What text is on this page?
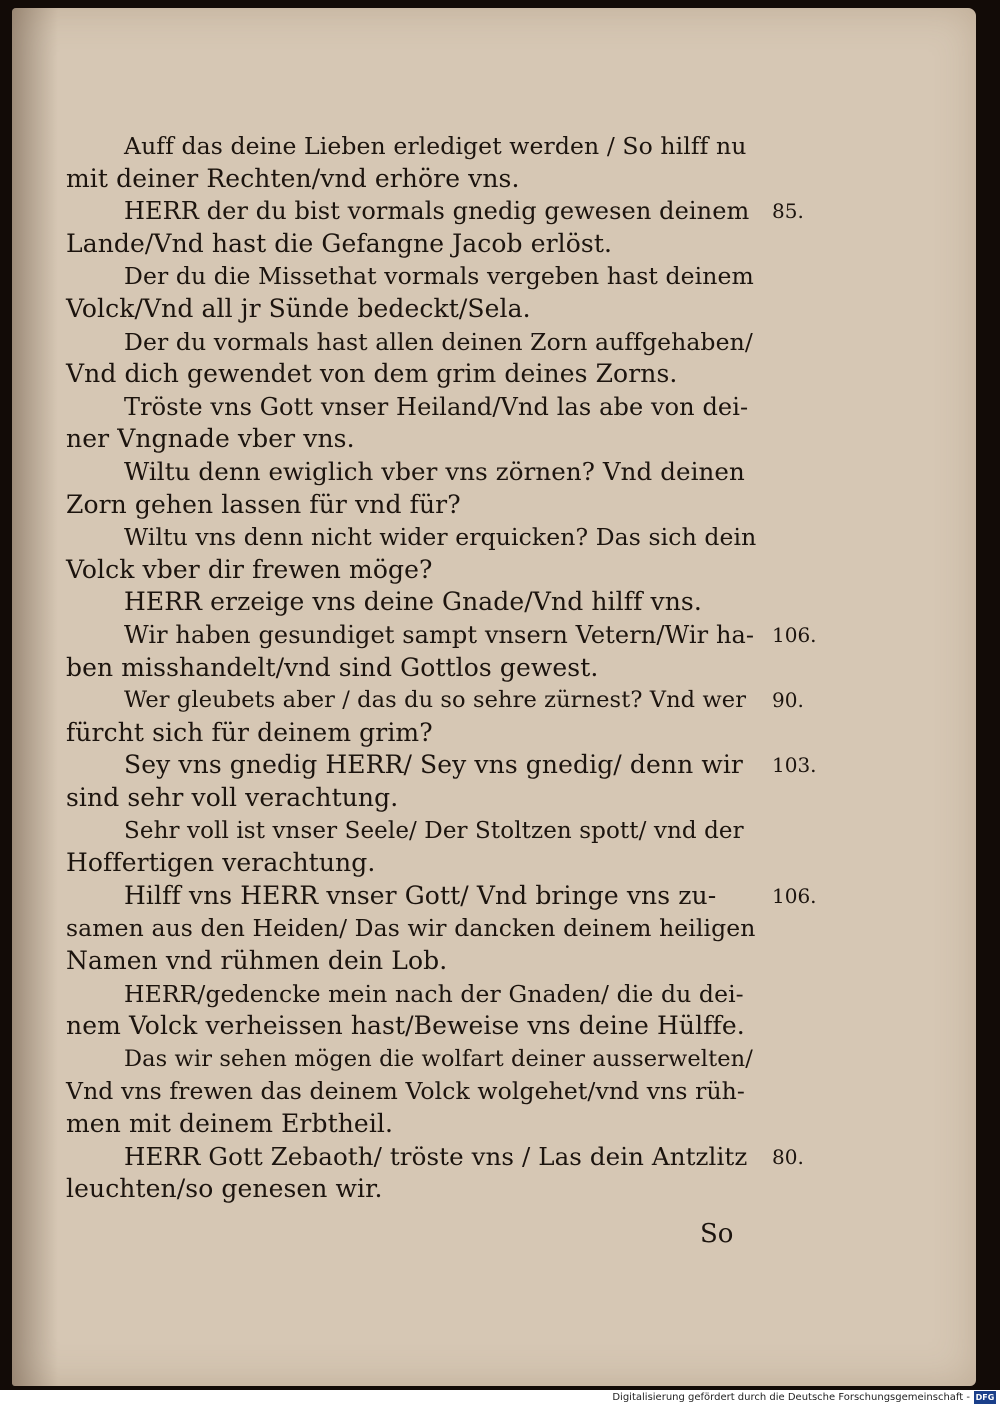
Auff das deine Lieben erlediget werden / So hilff nu
mit deiner Rechten/vnd erhöre vns.
HERR der du bist vormals gnedig gewesen deinem
Lande/Vnd hast die Gefangne Jacob erlöst.
Der du die Missethat vormals vergeben hast deinem
Volck/Vnd all jr Sünde bedeckt/Sela.
Der du vormals hast allen deinen Zorn auffgehaben/
Vnd dich gewendet von dem grim deines Zorns.
Tröste vns Gott vnser Heiland/Vnd las abe von dei-
ner Vngnade vber vns.
Wiltu denn ewiglich vber vns zörnen? Vnd deinen
Zorn gehen lassen für vnd für?
Wiltu vns denn nicht wider erquicken? Das sich dein
Volck vber dir frewen möge?
HERR erzeige vns deine Gnade/Vnd hilff vns.
Wir haben gesundiget sampt vnsern Vetern/Wir ha-
ben misshandelt/vnd sind Gottlos gewest.
Wer gleubets aber / das du so sehre zürnest? Vnd wer
fürcht sich für deinem grim?
Sey vns gnedig HERR/ Sey vns gnedig/ denn wir
sind sehr voll verachtung.
Sehr voll ist vnser Seele/ Der Stoltzen spott/ vnd der
Hoffertigen verachtung.
Hilff vns HERR vnser Gott/ Vnd bringe vns zu-
samen aus den Heiden/ Das wir dancken deinem heiligen
Namen vnd rühmen dein Lob.
HERR/gedencke mein nach der Gnaden/ die du dei-
nem Volck verheissen hast/Beweise vns deine Hülffe.
Das wir sehen mögen die wolfart deiner ausserwelten/
Vnd vns frewen das deinem Volck wolgehet/vnd vns rüh-
men mit deinem Erbtheil.
HERR Gott Zebaoth/ tröste vns / Las dein Antzlitz
leuchten/so genesen wir.
So
85.
106.
90.
103.
106.
80.
Digitalisierung gefördert durch die Deutsche Forschungsgemeinschaft - DFG
